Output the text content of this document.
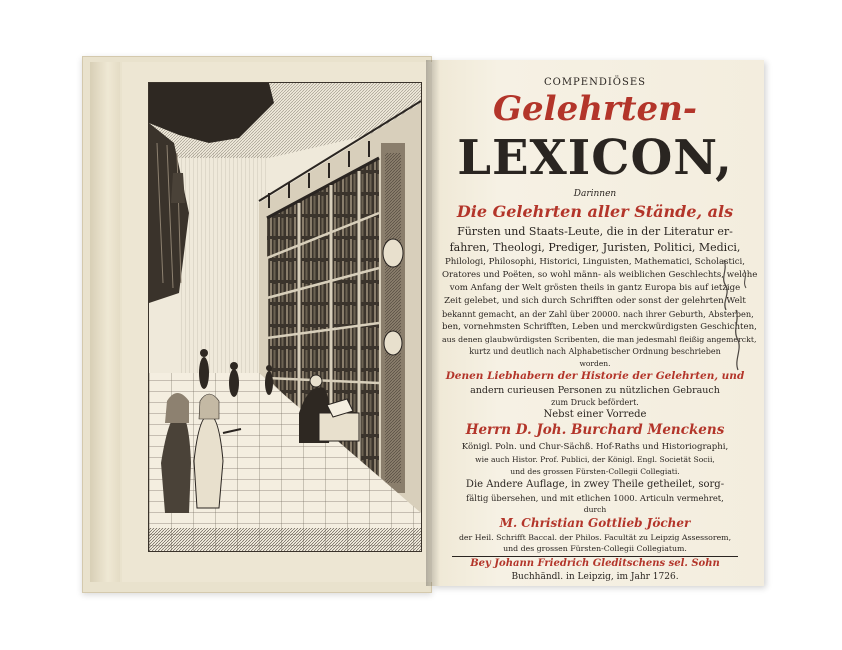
COMPENDIÖSES
Gelehrten-
LEXICON,
Darinnen
Die Gelehrten aller Stände, als
Fürsten und Staats-Leute, die in der Literatur er-
fahren, Theologi, Prediger, Juristen, Politici, Medici,
Philologi, Philosophi, Historici, Linguisten, Mathematici, Scholastici,
Oratores und Poëten, so wohl männ- als weiblichen Geschlechts, welche
vom Anfang der Welt grösten theils in gantz Europa bis auf ietzige
Zeit gelebet, und sich durch Schrifften oder sonst der gelehrten Welt
bekannt gemacht, an der Zahl über 20000. nach ihrer Geburth, Absterben,
ben, vornehmsten Schrifften, Leben und merckwürdigsten Geschichten,
aus denen glaubwürdigsten Scribenten, die man jedesmahl fleißig angemerckt,
kurtz und deutlich nach Alphabetischer Ordnung beschrieben
worden.
Denen Liebhabern der Historie der Gelehrten, und
andern curieusen Personen zu nützlichen Gebrauch
zum Druck befördert.
Nebst einer Vorrede
Herrn D. Joh. Burchard Menckens
Königl. Poln. und Chur-Sächß. Hof-Raths und Historiographi,
wie auch Histor. Prof. Publici, der Königl. Engl. Societät Socii,
und des grossen Fürsten-Collegii Collegiati.
Die Andere Auflage, in zwey Theile getheilet, sorg-
fältig übersehen, und mit etlichen 1000. Articuln vermehret,
durch
M. Christian Gottlieb Jöcher
der Heil. Schrifft Baccal. der Philos. Facultät zu Leipzig Assessorem,
und des grossen Fürsten-Collegii Collegiatum.
Bey Johann Friedrich Gleditschens sel. Sohn
Buchhändl. in Leipzig, im Jahr 1726.
